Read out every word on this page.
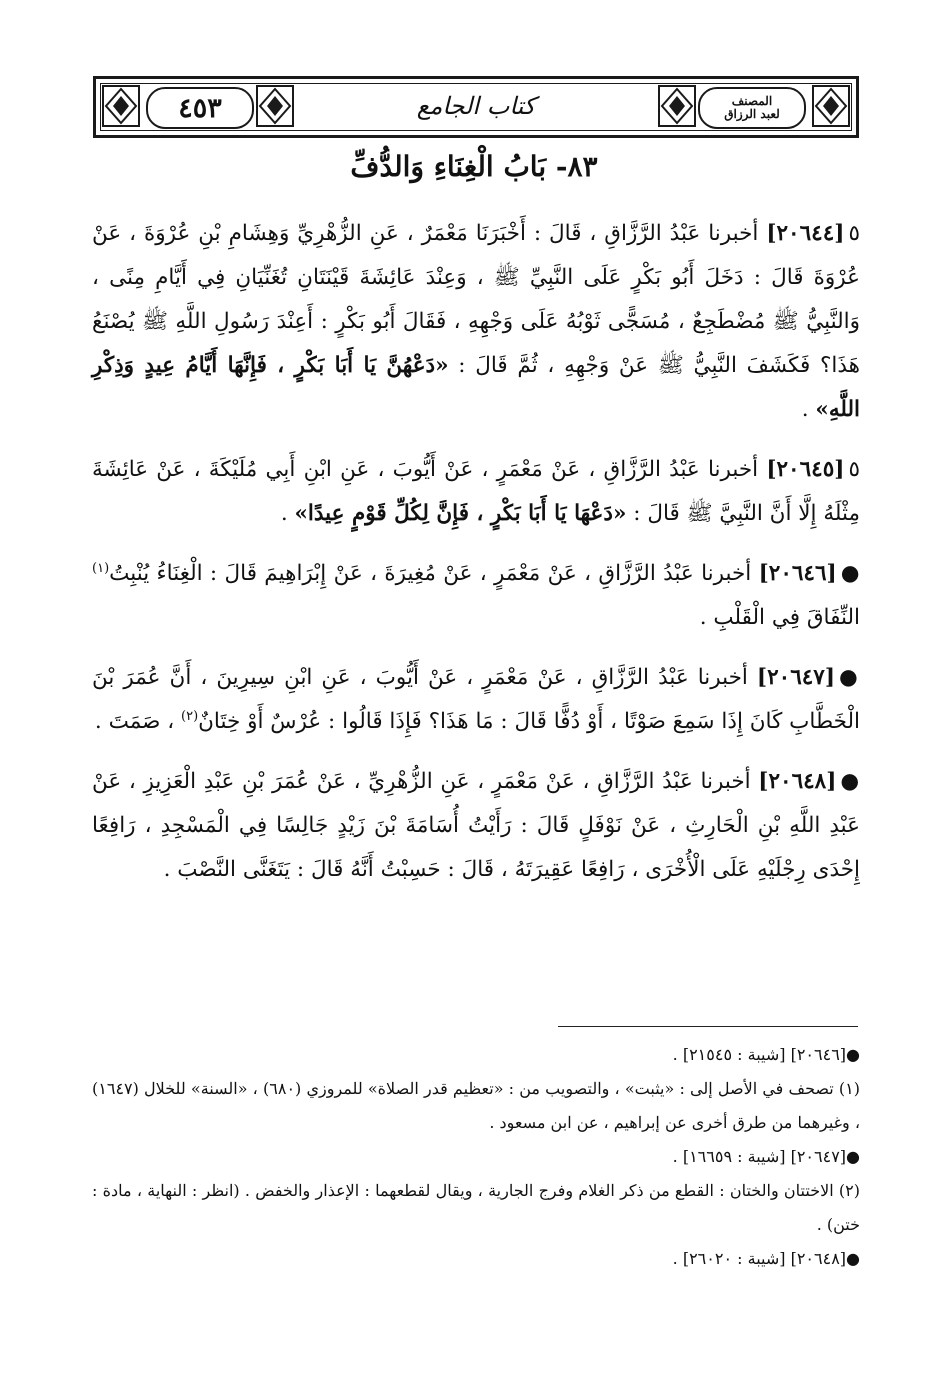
٤٥٣	كتاب الجامع	المصنف
لعبد الرزاق
٨٣- بَابُ الْغِنَاءِ وَالدُّفِّ

٥[٢٠٦٤٤] أخبرنا عَبْدُ الرَّزَّاقِ ، قَالَ : أَخْبَرَنَا مَعْمَرٌ ، عَنِ الزُّهْرِيِّ وَهِشَامِ بْنِ عُرْوَةَ ، عَنْ عُرْوَةَ قَالَ : دَخَلَ أَبُو بَكْرٍ عَلَى النَّبِيِّ ﷺ ، وَعِنْدَ عَائِشَةَ قَيْنَتَانِ تُغَنِّيَانِ فِي أَيَّامِ مِنًى ، وَالنَّبِيُّ ﷺ مُضْطَجِعٌ ، مُسَجًّى ثَوْبُهُ عَلَى وَجْهِهِ ، فَقَالَ أَبُو بَكْرٍ : أَعِنْدَ رَسُولِ اللَّهِ ﷺ يُصْنَعُ هَذَا؟ فَكَشَفَ النَّبِيُّ ﷺ عَنْ وَجْهِهِ ، ثُمَّ قَالَ : «دَعْهُنَّ يَا أَبَا بَكْرٍ ، فَإِنَّهَا أَيَّامُ عِيدٍ وَذِكْرِ اللَّهِ» .

٥[٢٠٦٤٥] أخبرنا عَبْدُ الرَّزَّاقِ ، عَنْ مَعْمَرٍ ، عَنْ أَيُّوبَ ، عَنِ ابْنِ أَبِي مُلَيْكَةَ ، عَنْ عَائِشَةَ مِثْلَهُ إِلَّا أَنَّ النَّبِيَّ ﷺ قَالَ : «دَعْهَا يَا أَبَا بَكْرٍ ، فَإِنَّ لِكُلِّ قَوْمٍ عِيدًا» .

●[٢٠٦٤٦] أخبرنا عَبْدُ الرَّزَّاقِ ، عَنْ مَعْمَرٍ ، عَنْ مُغِيرَةَ ، عَنْ إِبْرَاهِيمَ قَالَ : الْغِنَاءُ يُنْبِتُ$^{(١)}$ النِّفَاقَ فِي الْقَلْبِ .

●[٢٠٦٤٧] أخبرنا عَبْدُ الرَّزَّاقِ ، عَنْ مَعْمَرٍ ، عَنْ أَيُّوبَ ، عَنِ ابْنِ سِيرِينَ ، أَنَّ عُمَرَ بْنَ الْخَطَّابِ كَانَ إِذَا سَمِعَ صَوْتًا ، أَوْ دُفًّا قَالَ : مَا هَذَا؟ فَإِذَا قَالُوا : عُرْسٌ أَوْ خِتَانٌ$^{(٢)}$ ، صَمَتَ .

●[٢٠٦٤٨] أخبرنا عَبْدُ الرَّزَّاقِ ، عَنْ مَعْمَرٍ ، عَنِ الزُّهْرِيِّ ، عَنْ عُمَرَ بْنِ عَبْدِ الْعَزِيزِ ، عَنْ عَبْدِ اللَّهِ بْنِ الْحَارِثِ ، عَنْ نَوْفَلٍ قَالَ : رَأَيْتُ أُسَامَةَ بْنَ زَيْدٍ جَالِسًا فِي الْمَسْجِدِ ، رَافِعًا إِحْدَى رِجْلَيْهِ عَلَى الْأُخْرَى ، رَافِعًا عَقِيرَتَهُ ، قَالَ : حَسِبْتُ أَنَّهُ قَالَ : يَتَغَنَّى النَّصْبَ .

●[٢٠٦٤٦] [شيبة : ٢١٥٤٥] .

(١) تصحف في الأصل إلى : «يثبت» ، والتصويب من : «تعظيم قدر الصلاة» للمروزي (٦٨٠) ، «السنة» للخلال (١٦٤٧) ، وغيرهما من طرق أخرى عن إبراهيم ، عن ابن مسعود .

●[٢٠٦٤٧] [شيبة : ١٦٦٥٩] .

(٢) الاختتان والختان : القطع من ذكر الغلام وفرج الجارية ، ويقال لقطعهما : الإعذار والخفض . (انظر : النهاية ، مادة : ختن) .

●[٢٠٦٤٨] [شيبة : ٢٦٠٢٠] .
